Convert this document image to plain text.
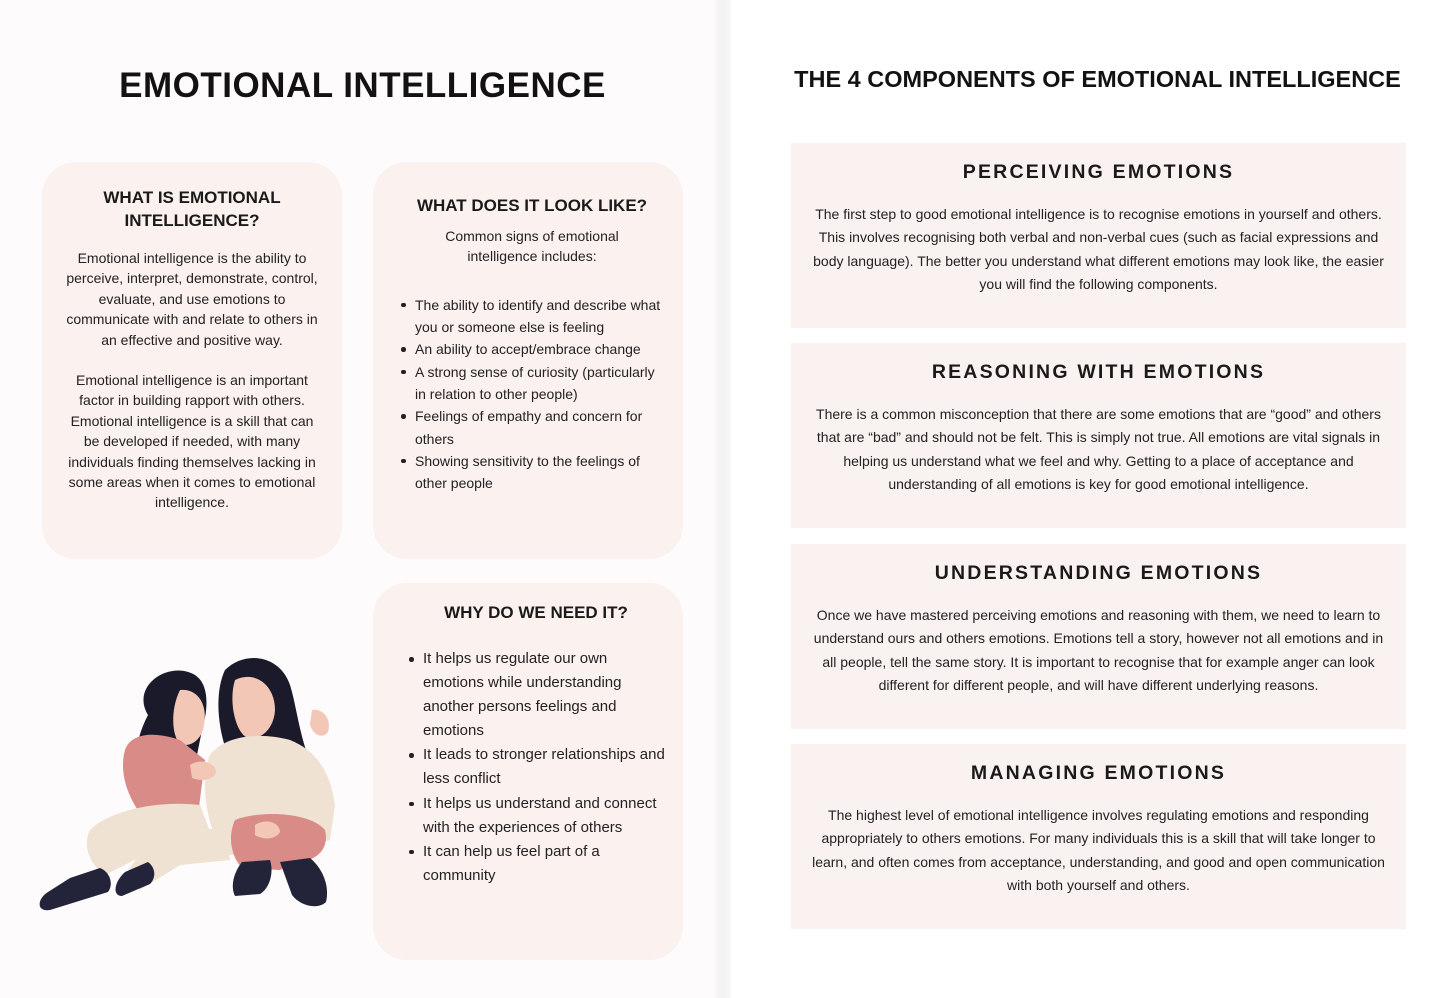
EMOTIONAL INTELLIGENCE
WHAT IS EMOTIONAL INTELLIGENCE?

Emotional intelligence is the ability to perceive, interpret, demonstrate, control, evaluate, and use emotions to communicate with and relate to others in an effective and positive way.

Emotional intelligence is an important factor in building rapport with others. Emotional intelligence is a skill that can be developed if needed, with many individuals finding themselves lacking in some areas when it comes to emotional intelligence.

WHAT DOES IT LOOK LIKE?

Common signs of emotional intelligence includes:

The ability to identify and describe what you or someone else is feeling
An ability to accept/embrace change
A strong sense of curiosity (particularly in relation to other people)
Feelings of empathy and concern for others
Showing sensitivity to the feelings of other people
WHY DO WE NEED IT?
It helps us regulate our own emotions while understanding another persons feelings and emotions
It leads to stronger relationships and less conflict
It helps us understand and connect with the experiences of others
It can help us feel part of a community
THE 4 COMPONENTS OF EMOTIONAL INTELLIGENCE
PERCEIVING EMOTIONS

The first step to good emotional intelligence is to recognise emotions in yourself and others. This involves recognising both verbal and non-verbal cues (such as facial expressions and body language). The better you understand what different emotions may look like, the easier you will find the following components.

REASONING WITH EMOTIONS

There is a common misconception that there are some emotions that are “good” and others that are “bad” and should not be felt. This is simply not true. All emotions are vital signals in helping us understand what we feel and why. Getting to a place of acceptance and understanding of all emotions is key for good emotional intelligence.

UNDERSTANDING EMOTIONS

Once we have mastered perceiving emotions and reasoning with them, we need to learn to understand ours and others emotions. Emotions tell a story, however not all emotions and in all people, tell the same story. It is important to recognise that for example anger can look different for different people, and will have different underlying reasons.

MANAGING EMOTIONS

The highest level of emotional intelligence involves regulating emotions and responding appropriately to others emotions. For many individuals this is a skill that will take longer to learn, and often comes from acceptance, understanding, and good and open communication with both yourself and others.
